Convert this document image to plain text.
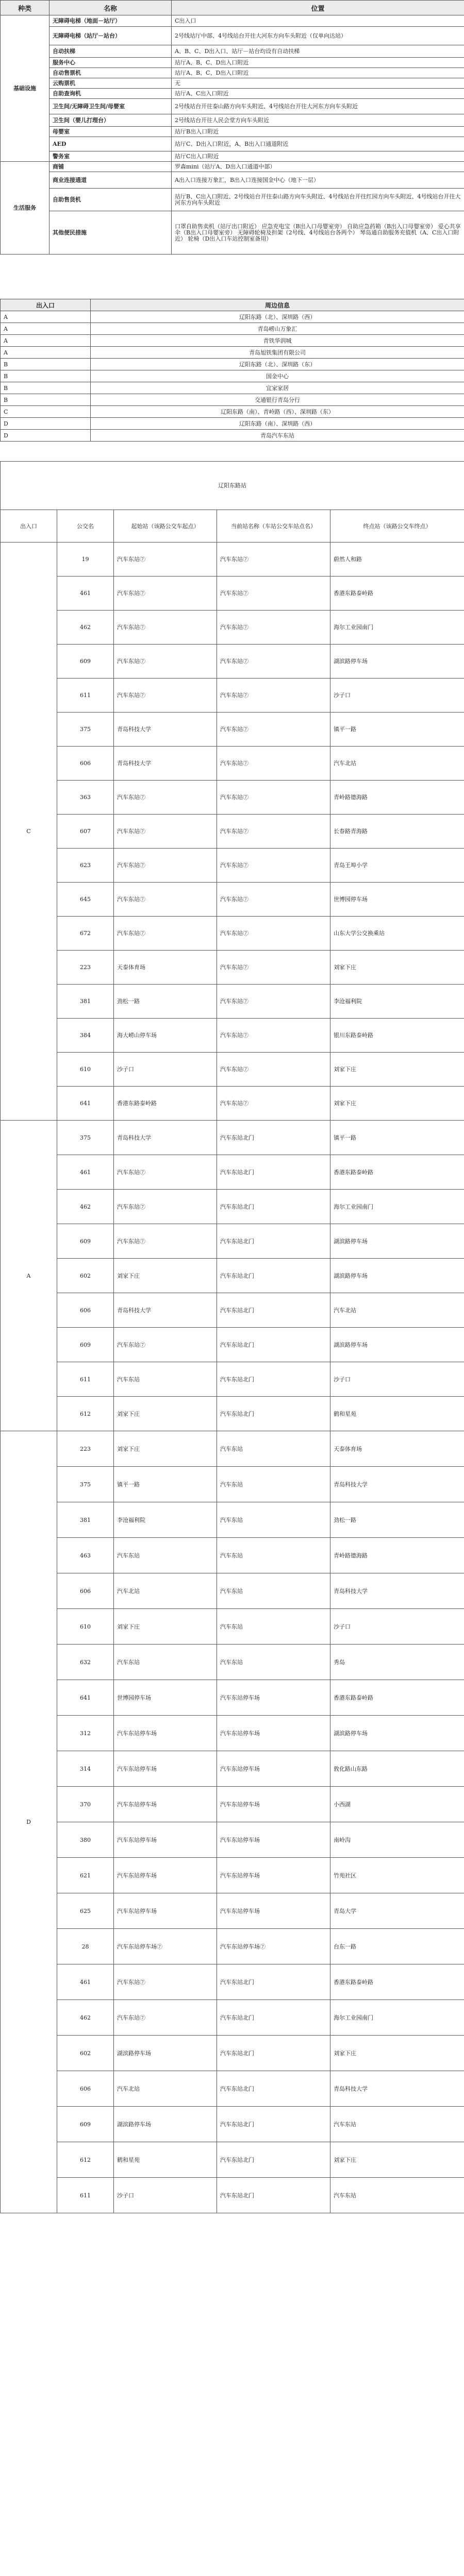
种类	名称	位置
基础设施	无障碍电梯（地面－站厅）	C出入口
	无障碍电梯（站厅－站台）	2号线站厅中部、4号线站台开往大河东方向车头附近（仅单向达站）
	自动扶梯	A、B、C、D出入口、站厅－站台均设有自动扶梯
	服务中心	站厅A、B、C、D出入口附近
	自动售票机	站厅A、B、C、D出入口附近
	云购票机	无
	自助查询机	站厅A、C出入口附近
	卫生间/无障碍卫生间/母婴室	2号线站台开往泰山路方向车头附近、4号线站台开往大河东方向车头附近
	卫生间（婴儿打理台）	2号线站台开往人民会堂方向车头附近
	母婴室	站厅B出入口附近
	AED	站厅C、D出入口附近，A、B出入口通道附近
	警务室	站厅C出入口附近
生活服务	商铺	罗森mini（站厅A、D出入口通道中部）
	商业连接通道	A出入口连接万象汇，B出入口连接国金中心（地下一层）
	自助售货机	站厅B、C出入口附近、2号线站台开往泰山路方向车头附近、4号线站台开往红园方向车头附近、4号线站台开往大河东方向车头附近
	其他便民措施	口罩自助售卖机（站厅出口附近） 应急充电宝（B出入口母婴室旁） 自助应急药箱（B出入口母婴室旁） 爱心共享伞（B出入口母婴室旁） 无障碍轮椅及担架（2号线、4号线站台各两个） 琴岛通自助服务充值机（A、C出入口附近） 轮椅（D出入口车站控制室备用）
出入口	周边信息
A	辽阳东路（北）、深圳路（西）
A	青岛崂山万象汇
A	青铁华润城
A	青岛旭铁集团有限公司
B	辽阳东路（北）、深圳路（东）
B	国金中心
B	宜家家居
B	交通银行青岛分行
C	辽阳东路（南）、青岭路（西）、深圳路（东）
D	辽阳东路（南）、深圳路（西）
D	青岛汽车东站
辽阳东路站				
出入口	公交名	起始站（该路公交车起点）	当前站名称（车站公交车站点名）	终点站（该路公交车终点）
C	19	汽车东站⑦	汽车东站⑦	蔚然人和路
	461	汽车东站⑦	汽车东站⑦	香港东路泰岭路
	462	汽车东站⑦	汽车东站⑦	海尔工业园南门
	609	汽车东站⑦	汽车东站⑦	湖滨路停车场
	611	汽车东站⑦	汽车东站⑦	沙子口
	375	青岛科技大学	汽车东站⑦	镇平一路
	606	青岛科技大学	汽车东站⑦	汽车北站
	363	汽车东站⑦	汽车东站⑦	青岭路德海路
	607	汽车东站⑦	汽车东站⑦	长春路青海路
	623	汽车东站⑦	汽车东站⑦	青岛王埠小学
	645	汽车东站⑦	汽车东站⑦	世博园停车场
	672	汽车东站⑦	汽车东站⑦	山东大学公交换乘站
	223	天泰体育场	汽车东站⑦	刘家下庄
	381	劲松一路	汽车东站⑦	李沧福利院
	384	海大崂山停车场	汽车东站⑦	银川东路泰岭路
	610	沙子口	汽车东站⑦	刘家下庄
	641	香港东路泰岭路	汽车东站⑦	刘家下庄
A	375	青岛科技大学	汽车东站北门	镇平一路
	461	汽车东站⑦	汽车东站北门	香港东路泰岭路
	462	汽车东站⑦	汽车东站北门	海尔工业园南门
	609	汽车东站⑦	汽车东站北门	湖滨路停车场
	602	刘家下庄	汽车东站北门	湖滨路停车场
	606	青岛科技大学	汽车东站北门	汽车北站
	609	汽车东站⑦	汽车东站北门	湖滨路停车场
	611	汽车东站	汽车东站北门	沙子口
	612	刘家下庄	汽车东站北门	鹤和星苑
D	223	刘家下庄	汽车东站	天泰体育场
	375	镇平一路	汽车东站	青岛科技大学
	381	李沧福利院	汽车东站	劲松一路
	463	汽车东站	汽车东站	青岭路德海路
	606	汽车北站	汽车东站	青岛科技大学
	610	刘家下庄	汽车东站	沙子口
	632	汽车东站	汽车东站	秀岛
	641	世博园停车场	汽车东站停车场	香港东路泰岭路
	312	汽车东站停车场	汽车东站停车场	湖滨路停车场
	314	汽车东站停车场	汽车东站停车场	敦化路山东路
	370	汽车东站停车场	汽车东站停车场	小西湖
	380	汽车东站停车场	汽车东站停车场	南岭沟
	621	汽车东站停车场	汽车东站停车场	竹苑社区
	625	汽车东站停车场	汽车东站停车场	青岛大学
	28	汽车东站停车场⑦	汽车东站停车场⑦	台东一路
	461	汽车东站⑦	汽车东站北门	香港东路泰岭路
	462	汽车东站⑦	汽车东站北门	海尔工业园南门
	602	湖滨路停车场	汽车东站北门	刘家下庄
	606	汽车北站	汽车东站北门	青岛科技大学
	609	湖滨路停车场	汽车东站北门	汽车东站
	612	鹤和星苑	汽车东站北门	刘家下庄
	611	沙子口	汽车东站北门	汽车东站
